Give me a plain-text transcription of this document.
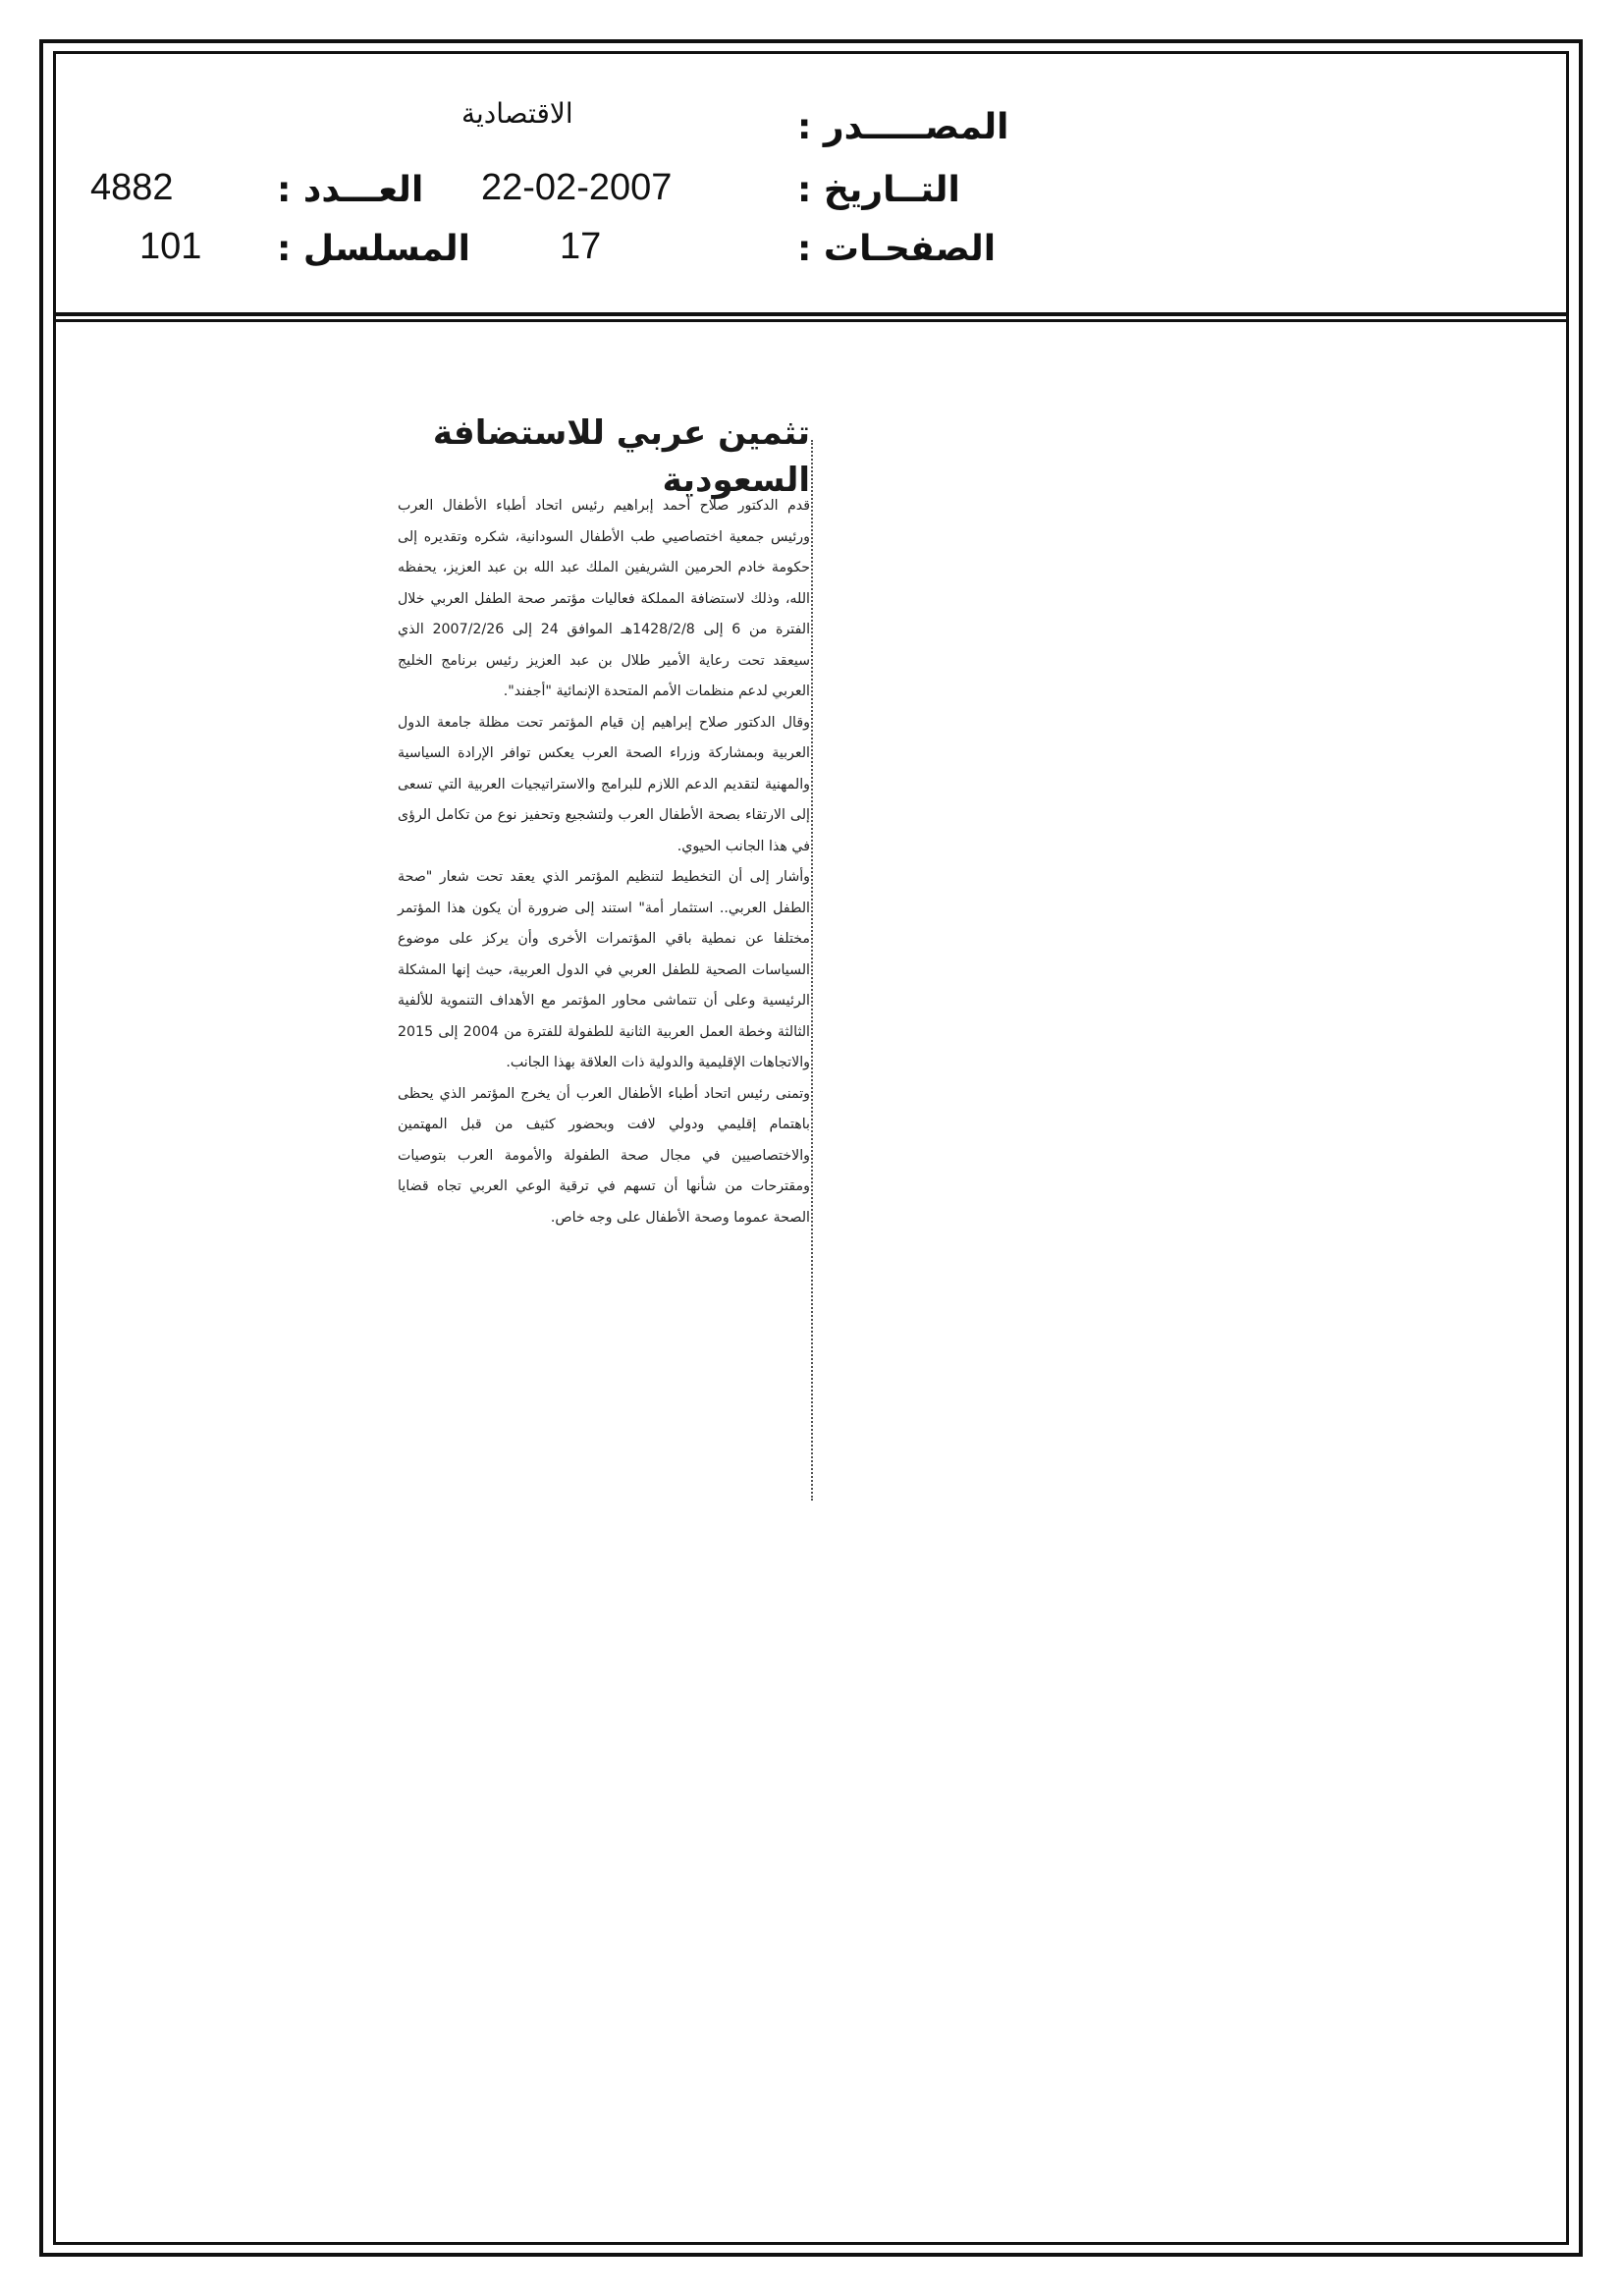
المصـــــدر :
الاقتصادية
التــاريخ :
22-02-2007
العـــدد :
4882
الصفحـات :
17
المسلسل :
101
تثمين عربي للاستضافة السعودية

قدم الدكتور صلاح أحمد إبراهيم رئيس اتحاد أطباء الأطفال العرب ورئيس جمعية اختصاصيي طب الأطفال السودانية، شكره وتقديره إلى حكومة خادم الحرمين الشريفين الملك عبد الله بن عبد العزيز، يحفظه الله، وذلك لاستضافة المملكة فعاليات مؤتمر صحة الطفل العربي خلال الفترة من 6 إلى 1428/2/8هـ الموافق 24 إلى 2007/2/26 الذي سيعقد تحت رعاية الأمير طلال بن عبد العزيز رئيس برنامج الخليج العربي لدعم منظمات الأمم المتحدة الإنمائية "أجفند".

وقال الدكتور صلاح إبراهيم إن قيام المؤتمر تحت مظلة جامعة الدول العربية وبمشاركة وزراء الصحة العرب يعكس توافر الإرادة السياسية والمهنية لتقديم الدعم اللازم للبرامج والاستراتيجيات العربية التي تسعى إلى الارتقاء بصحة الأطفال العرب ولتشجيع وتحفيز نوع من تكامل الرؤى في هذا الجانب الحيوي.

وأشار إلى أن التخطيط لتنظيم المؤتمر الذي يعقد تحت شعار "صحة الطفل العربي.. استثمار أمة" استند إلى ضرورة أن يكون هذا المؤتمر مختلفا عن نمطية باقي المؤتمرات الأخرى وأن يركز على موضوع السياسات الصحية للطفل العربي في الدول العربية، حيث إنها المشكلة الرئيسية وعلى أن تتماشى محاور المؤتمر مع الأهداف التنموية للألفية الثالثة وخطة العمل العربية الثانية للطفولة للفترة من 2004 إلى 2015 والاتجاهات الإقليمية والدولية ذات العلاقة بهذا الجانب.

وتمنى رئيس اتحاد أطباء الأطفال العرب أن يخرج المؤتمر الذي يحظى باهتمام إقليمي ودولي لافت وبحضور كثيف من قبل المهتمين والاختصاصيين في مجال صحة الطفولة والأمومة العرب بتوصيات ومقترحات من شأنها أن تسهم في ترقية الوعي العربي تجاه قضايا الصحة عموما وصحة الأطفال على وجه خاص.
